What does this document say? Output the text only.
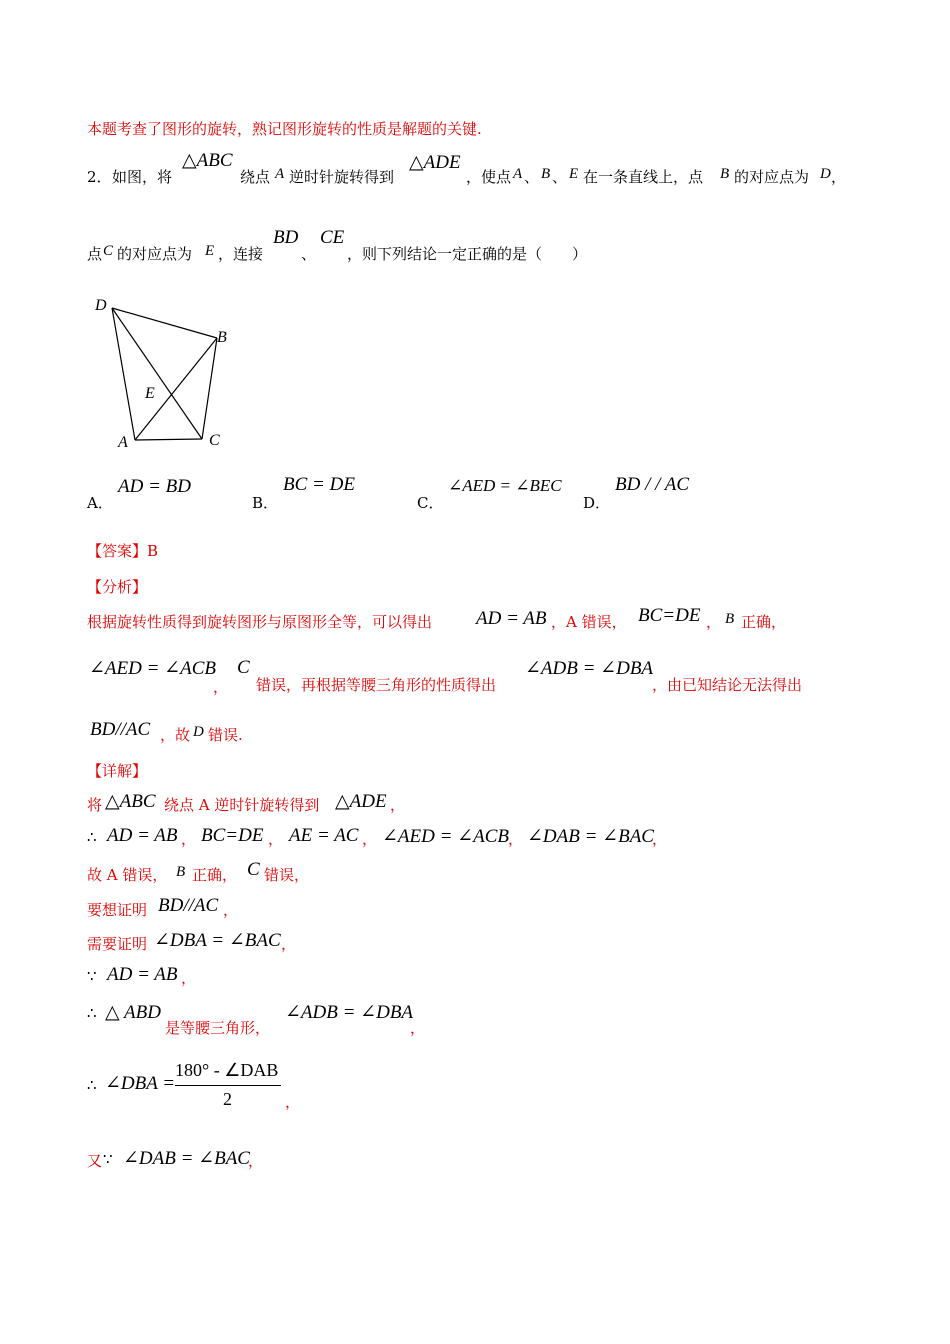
本题考查了图形的旋转，熟记图形旋转的性质是解题的关键.
2． 如图，将
△ABC
绕点 A 逆时针旋转得到
△ADE
，使点 A 、 B 、 E 在一条直线上，点 B 的对应点为 D ，
点 C 的对应点为 E ，连接
BD
、
CE
，则下列结论一定正确的是（　　）
D
B
E
A	C
A．
AD = BD
B．
BC = DE
C．
∠AED = ∠BEC
D．
BD / / AC
【答案】B
【分析】
根据旋转性质得到旋转图形与原图形全等，可以得出 AD = AB ，A 错误， BC=DE ， B 正确，
∠AED = ∠ACB
，
C
错误，再根据等腰三角形的性质得出
∠ADB = ∠DBA
，由已知结论无法得出
BD//AC ，故 D 错误.
【详解】
将 △ABC 绕点 A 逆时针旋转得到 △ADE ，
∴ AD = AB ， BC=DE ， AE = AC ， ∠AED = ∠ACB ， ∠DAB = ∠BAC
，
故 A 错误， B 正确， C 错误，
要想证明 BD//AC ，
需要证明 ∠DBA = ∠BAC ，
∵ AD = AB ，
∴ △ ABD
是等腰三角形，
∠ADB = ∠DBA
，
∴ ∠DBA =
180° - ∠DAB
2	，
又 ∵ ∠DAB = ∠BAC
，
